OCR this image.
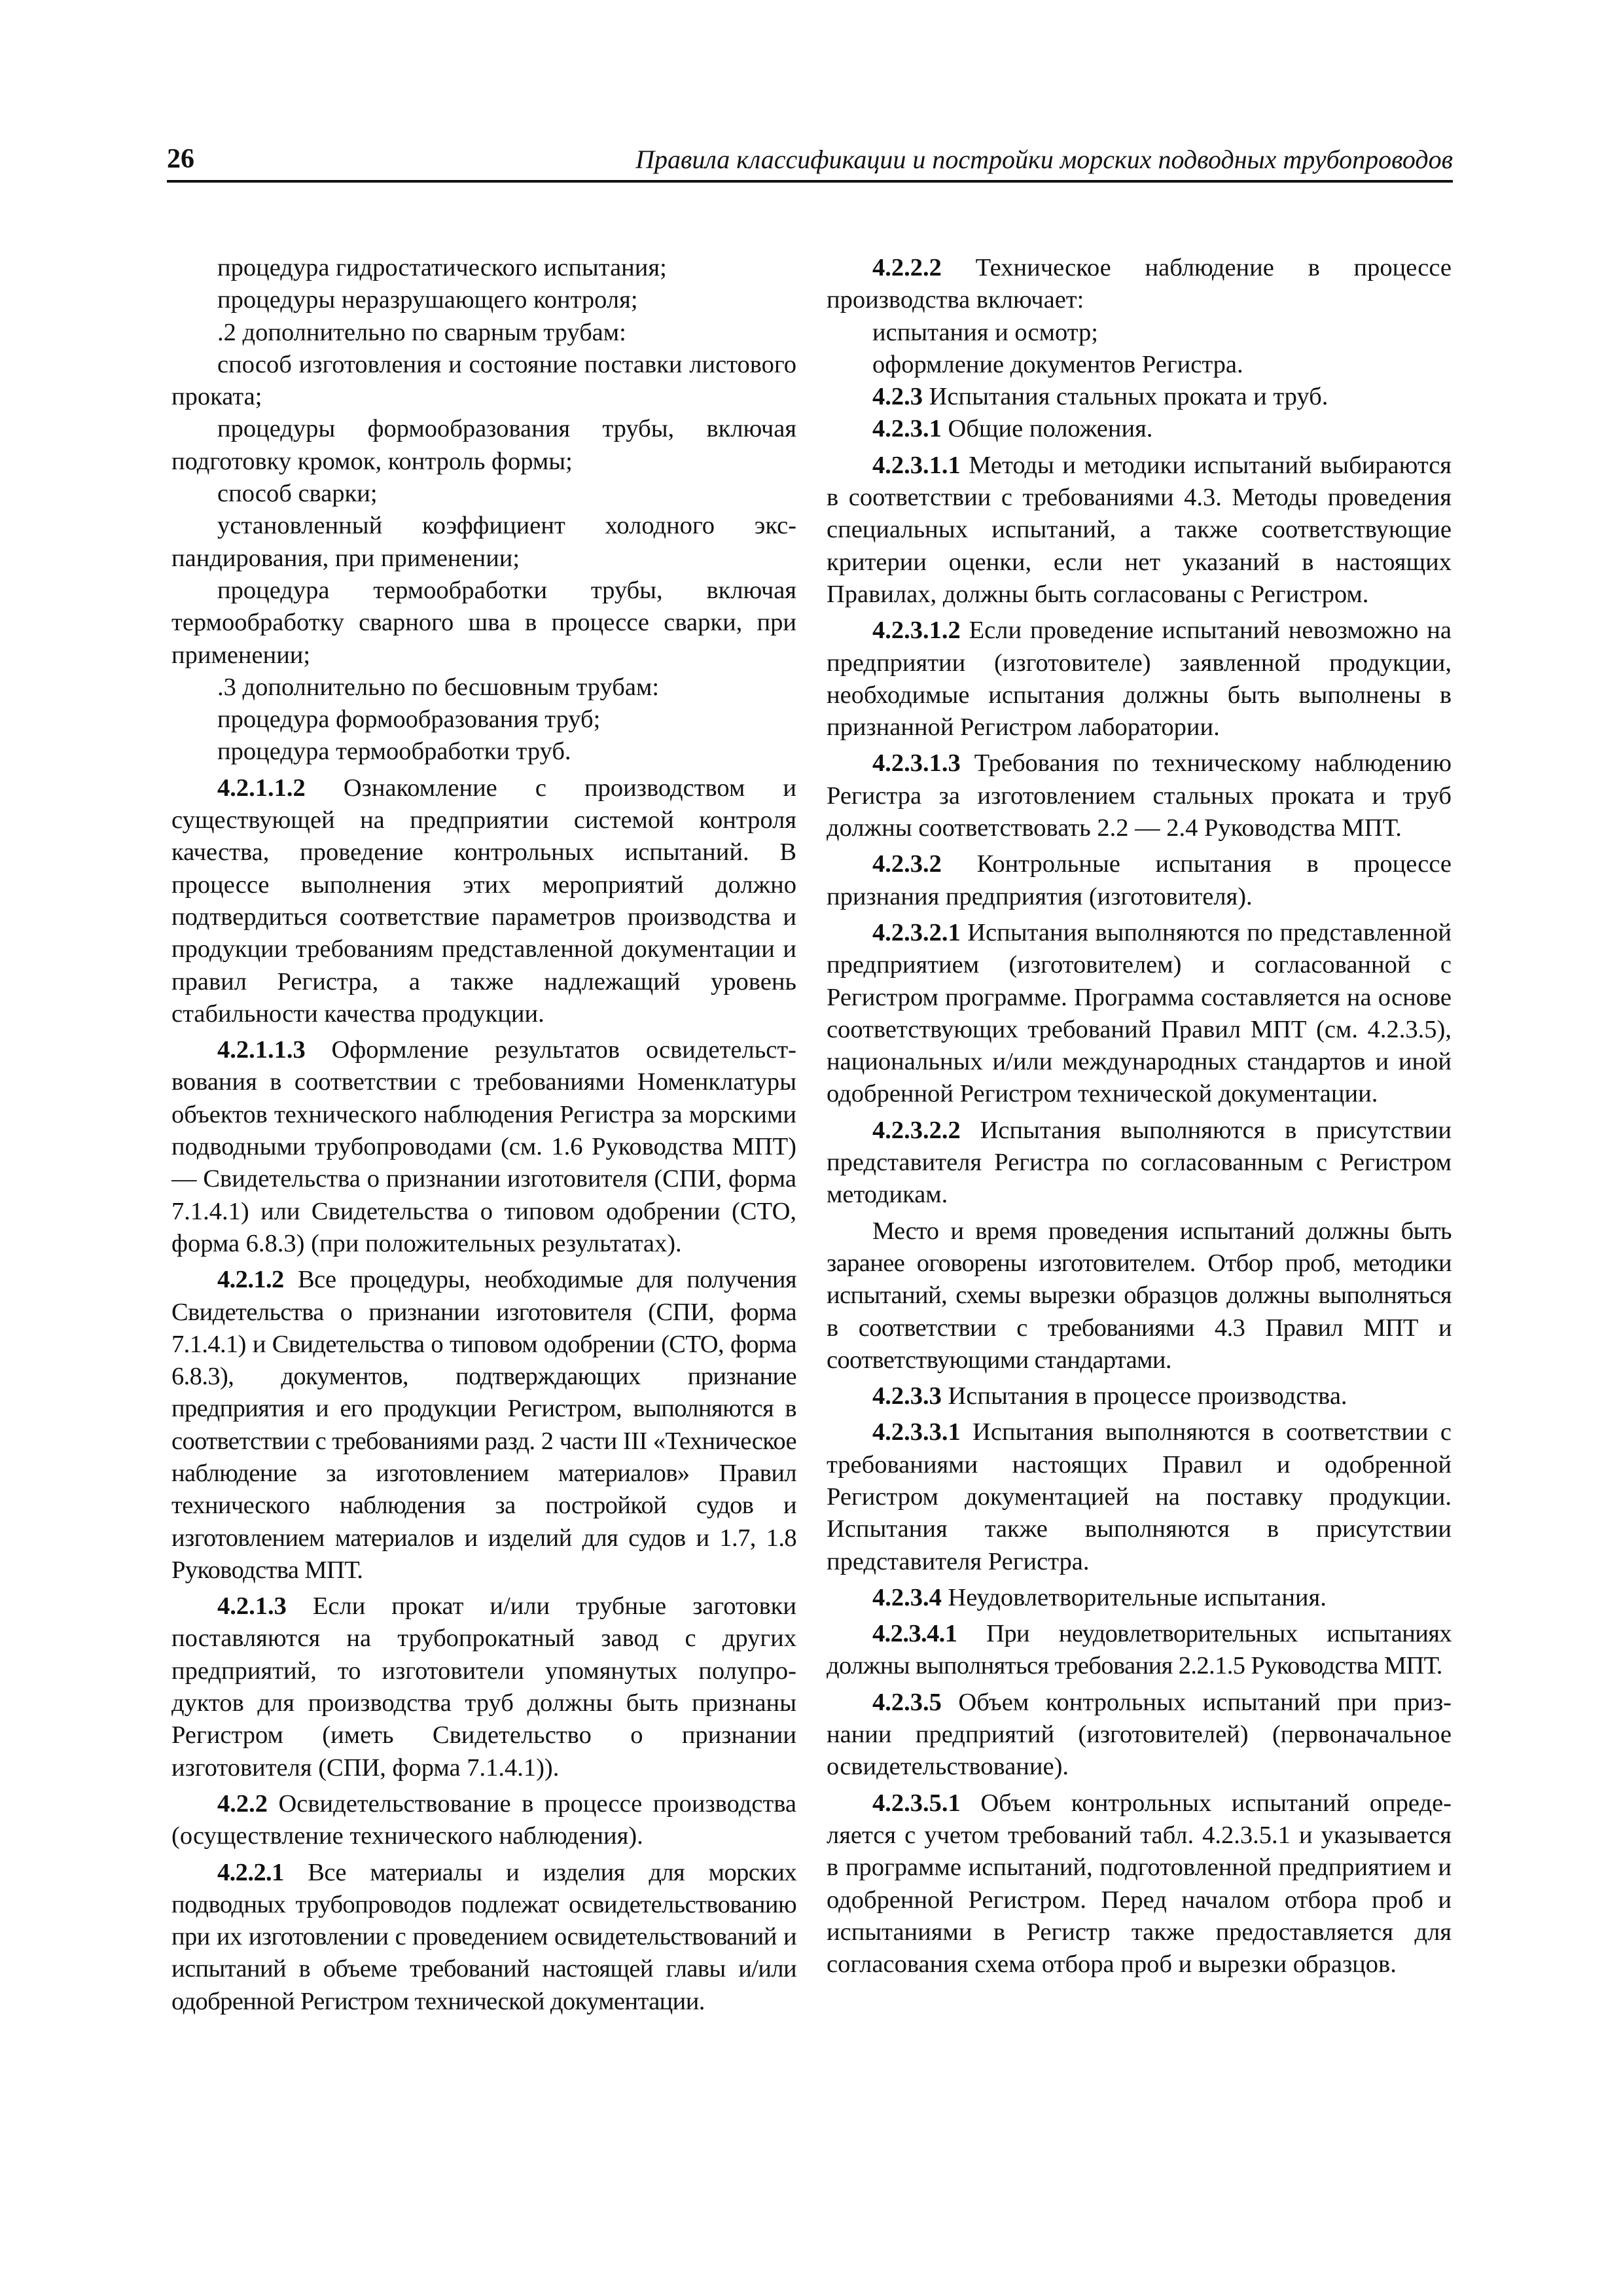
26	Правила классификации и постройки морских подводных трубопроводов

процедура гидростатического испытания;

процедуры неразрушающего контроля;

.2 дополнительно по сварным трубам:

способ изготовления и состояние поставки листового проката;

процедуры формообразования трубы, включая подготовку кромок, контроль формы;

способ сварки;

установленный коэффициент холодного экспандирования, при применении;

процедура термообработки трубы, включая термообработку сварного шва в процессе сварки, при применении;

.3 дополнительно по бесшовным трубам:

процедура формообразования труб;

процедура термообработки труб.

4.2.1.1.2 Ознакомление с производством и существующей на предприятии системой контроля качества, проведение контрольных испытаний. В процессе выполнения этих мероприятий должно подтвердиться соответствие параметров производства и продукции требованиям представленной документации и правил Регистра, а также надлежащий уровень стабильности качества продукции.

4.2.1.1.3 Оформление результатов освидетельствования в соответствии с требованиями Номенклатуры объектов технического наблюдения Регистра за морскими подводными трубопроводами (см. 1.6 Руководства МПТ) — Свидетельства о признании изготовителя (СПИ, форма 7.1.4.1) или Свидетельства о типовом одобрении (СТО, форма 6.8.3) (при положительных результатах).

4.2.1.2 Все процедуры, необходимые для получения Свидетельства о признании изготовителя (СПИ, форма 7.1.4.1) и Свидетельства о типовом одобрении (СТО, форма 6.8.3), документов, подтверждающих признание предприятия и его продукции Регистром, выполняются в соответствии с требованиями разд. 2 части III «Техническое наблюдение за изготовлением материалов» Правил технического наблюдения за постройкой судов и изготовлением материалов и изделий для судов и 1.7, 1.8 Руководства МПТ.

4.2.1.3 Если прокат и/или трубные заготовки поставляются на трубопрокатный завод с других предприятий, то изготовители упомянутых полупродуктов для производства труб должны быть признаны Регистром (иметь Свидетельство о признании изготовителя (СПИ, форма 7.1.4.1)).

4.2.2 Освидетельствование в процессе производства (осуществление технического наблюдения).

4.2.2.1 Все материалы и изделия для морских подводных трубопроводов подлежат освидетельствованию при их изготовлении с проведением освидетельствований и испытаний в объеме требований настоящей главы и/или одобренной Регистром технической документации.

4.2.2.2 Техническое наблюдение в процессе производства включает:

испытания и осмотр;

оформление документов Регистра.

4.2.3 Испытания стальных проката и труб.

4.2.3.1 Общие положения.

4.2.3.1.1 Методы и методики испытаний выбираются в соответствии с требованиями 4.3. Методы проведения специальных испытаний, а также соответствующие критерии оценки, если нет указаний в настоящих Правилах, должны быть согласованы с Регистром.

4.2.3.1.2 Если проведение испытаний невозможно на предприятии (изготовителе) заявленной продукции, необходимые испытания должны быть выполнены в признанной Регистром лаборатории.

4.2.3.1.3 Требования по техническому наблюдению Регистра за изготовлением стальных проката и труб должны соответствовать 2.2 — 2.4 Руководства МПТ.

4.2.3.2 Контрольные испытания в процессе признания предприятия (изготовителя).

4.2.3.2.1 Испытания выполняются по представленной предприятием (изготовителем) и согласованной с Регистром программе. Программа составляется на основе соответствующих требований Правил МПТ (см. 4.2.3.5), национальных и/или международных стандартов и иной одобренной Регистром технической документации.

4.2.3.2.2 Испытания выполняются в присутствии представителя Регистра по согласованным с Регистром методикам.

Место и время проведения испытаний должны быть заранее оговорены изготовителем. Отбор проб, методики испытаний, схемы вырезки образцов должны выполняться в соответствии с требованиями 4.3 Правил МПТ и соответствующими стандартами.

4.2.3.3 Испытания в процессе производства.

4.2.3.3.1 Испытания выполняются в соответствии с требованиями настоящих Правил и одобренной Регистром документацией на поставку продукции. Испытания также выполняются в присутствии представителя Регистра.

4.2.3.4 Неудовлетворительные испытания.

4.2.3.4.1 При неудовлетворительных испытаниях должны выполняться требования 2.2.1.5 Руководства МПТ.

4.2.3.5 Объем контрольных испытаний при признании предприятий (изготовителей) (первоначальное освидетельствование).

4.2.3.5.1 Объем контрольных испытаний определяется с учетом требований табл. 4.2.3.5.1 и указывается в программе испытаний, подготовленной предприятием и одобренной Регистром. Перед началом отбора проб и испытаниями в Регистр также предоставляется для согласования схема отбора проб и вырезки образцов.
